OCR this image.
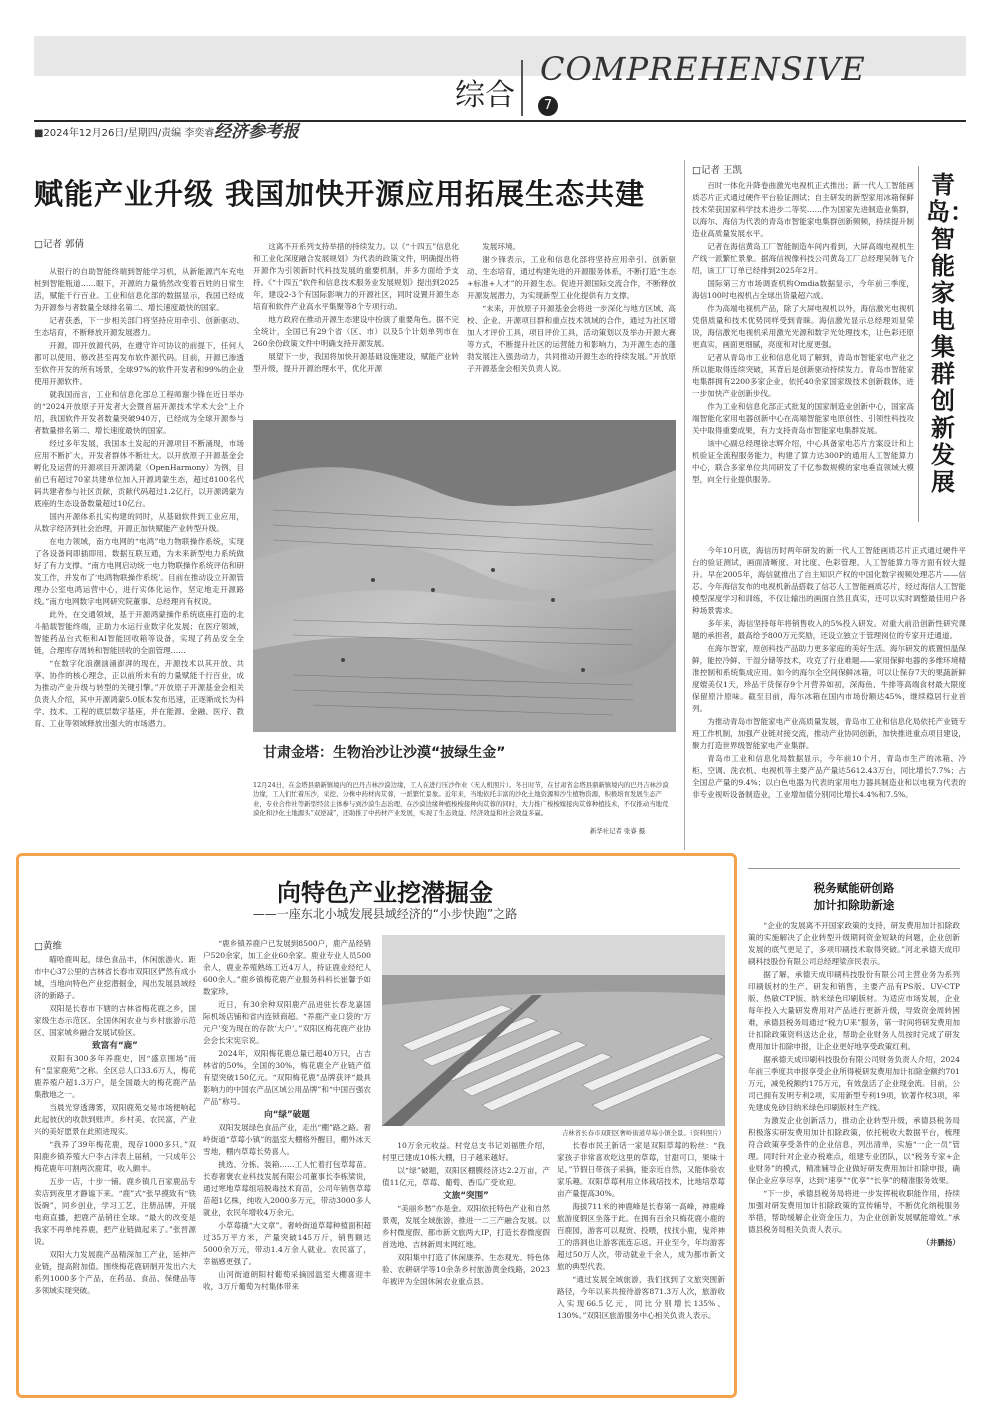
综合
COMPREHENSIVE
7
■2024年12月26日/星期四/责编 李奕睿 经济参考报
赋能产业升级 我国加快开源应用拓展生态共建
□记者 郭倩

从银行的自助智能终端到智能学习机，从新能源汽车充电桩到智能瓶道……眼下，开源的力量悄然改变着百姓的日常生活，赋能千行百业。工业和信息化部的数据显示，我国已经成为开源参与者数量全球排名第二、增长速度最快的国家。

记者获悉，下一步相关部门将坚持应用牵引、创新驱动、生态培育，不断释放开源发展潜力。

开源，即开放源代码，在遵守许可协议的前提下，任何人都可以使用、修改甚至再发布软件源代码。目前，开源已渗透至软件开发的所有场景，全球97%的软件开发者和99%的企业使用开源软件。

就我国而言，工业和信息化部总工程师谢少锋在近日举办的“2024开放原子开发者大会暨首届开源技术学术大会”上介绍，我国软件开发者数量突破940万，已经成为全球开源参与者数量排名第二、增长速度最快的国家。

经过多年发展，我国本土发起的开源项目不断涌现，市场应用不断扩大，开发者群体不断壮大。以开放原子开源基金会孵化及运营的开源项目开源鸿蒙（OpenHarmony）为例，目前已有超过70家共建单位加入开源鸿蒙生态，超过8100名代码共建者参与社区贡献，贡献代码超过1.2亿行，以开源鸿蒙为底座的生态设备数量超过10亿台。

国内开源体系扎实构建的同时，从基础软件到工业应用，从数字经济到社会治理，开源正加快赋能产业转型升级。

在电力领域，南方电网的“电鸿”电力物联操作系统，实现了各设备间即插即用、数据互联互通，为未来新型电力系统做好了有力支撑。“南方电网启动统一电力物联操作系统评估和研发工作，并发布了‘电鸿物联操作系统’。目前在推动设立开源管理办公室电鸿运营中心，进行实体化运作，坚定地走开源路线。”南方电网数字电网研究院董事、总经理肖有权说。

此外，在交通领域，基于开源鸿蒙操作系统底座打造的北斗船载智能终端，正助力水运行业数字化发展；在医疗领域，智能药品台式柜和AI智能回收箱等设备，实现了药品安全全链，合理库存周转和智能回收的全面管理……

“在数字化浪潮汹涌澎湃的现在，开源技术以其开放、共享、协作的核心理念，正以前所未有的力量赋能千行百业，成为推动产业升级与转型的关键引擎。”开放原子开源基金会相关负责人介绍，其中开源鸿蒙5.0版本发布迅速，正逐渐成长为科学、技术、工程的底层数字基座，并在能源、金融、医疗、教育、工业等领域释放出强大的市场潜力。

这离不开系列支持举措的持续发力。以《“十四五”信息化和工业化深度融合发展规划》为代表的政策文件，明确提出将开源作为引领新时代科技发展的重要机制，并多方面给予支持。《“十四五”软件和信息技术服务业发展规划》提出到2025年，建设2-3个有国际影响力的开源社区，同时设置开源生态培育和软件产业高水平集聚等8个专项行动。

地方政府在推动开源生态建设中扮演了重要角色。据不完全统计，全国已有29个省（区、市）以及5个计划单列市在260余份政策文件中明确支持开源发展。

展望下一步，我国将加快开源基础设施建设，赋能产业转型升级，提升开源治理水平，优化开源

发展环境。

谢少锋表示，工业和信息化部将坚持应用牵引、创新驱动、生态培育，通过构建先进的开源服务体系，不断打造“生态+标准+人才”的开源生态。促进开源国际交流合作，不断释放开源发展潜力，为实现新型工业化提供有力支撑。

“未来，开放原子开源基金会将进一步深化与地方区域、高校、企业、开源项目群和重点技术领域的合作，通过为社区增加人才评价工具，项目评价工具，活动策划以及举办开源大赛等方式，不断提升社区的运营能力和影响力，为开源生态的蓬勃发展注入强劲动力，共同推动开源生态的持续发展。”开放原子开源基金会相关负责人说。

甘肃金塔：生物治沙让沙漠“披绿生金”
12月24日，在金塔县鼎新镇境内的巴丹吉林沙漠边缘，工人在进行压沙作业（无人机照片）。冬日时节，在甘肃省金塔县鼎新镇境内的巴丹吉林沙漠边缘，工人们忙着压沙，采挖、分株中药材肉苁蓉，一派繁忙景象。近年来，当地依托丰富的沙化土地资源和沙生植物资源，积极培育发展生态产业，专业合作社等新型经营主体参与到沙漠生态治理、在沙漠边缘种植梭梭接种肉苁蓉的同时，大力推广梭梭嫁接肉苁蓉种植技术，不仅推动当地荒漠化和沙化土地源头“双逆减”，还助推了中药材产业发展，实现了生态效益、经济效益和社会效益多赢。
新华社记者 张睿 摄
□记者 王凯
青岛：智能家电集群创新发展

百时一体化升降卷曲激光电视机正式推出；新一代人工智能画质芯片正式通过硬件平台验证测试；自主研发的新型家用冰箱保鲜技术荣获国家科学技术进步二等奖……作为国家先进制造业集群，以海尔、海信为代表的青岛市智能家电集群创新频频，持续提升制造业高质量发展水平。

记者在海信黄岛工厂智能制造车间内看到，大屏高端电视机生产线一派繁忙景象。据海信视像科技公司黄岛工厂总经理吴韩飞介绍，该工厂订单已经排到2025年2月。

国际第三方市场调查机构Omdia数据显示，今年前三季度，海信100吋电视机占全球出货量超六成。

作为高端电视机产品，除了大屏电视机以外，海信激光电视机凭借质量和技术优势同样受到青睐。海信激光显示总经理刘显荣说，海信激光电视机采用激光光源和数字光处理技术，让色彩还原更真实，画面更细腻，亮度和对比度更强。

记者从青岛市工业和信息化局了解到，青岛市智能家电产业之所以能取得连续突破，其背后是创新驱动持续发力。青岛市智能家电集群拥有2200多家企业，依托40余家国家级技术创新载体，进一步加快产业创新步伐。

作为工业和信息化部正式批复的国家制造业创新中心，国家高端智能化家用电器创新中心在高端智能家电原创性、引领性科技攻关中取得重要成果，有力支持青岛市智能家电集群发展。

该中心副总经理徐志辉介绍，中心具备家电芯片方案设计和上机验证全流程服务能力，构建了算力达300P的通用人工智能算力中心，联合多家单位共同研发了千亿参数规模的家电垂直领域大模型，向全行业提供服务。

今年10月底，海信历时两年研发的新一代人工智能画质芯片正式通过硬件平台的验证测试，画面清晰度、对比度、色彩管理、人工智能算力等方面有较大提升。早在2005年，海信就推出了自主知识产权的中国化数字视频处理芯片——信芯。今年海信发布的电视机新品搭载了信芯人工智能画质芯片，经过海信人工智能模型深度学习和训练，不仅让输出的画面自然且真实，还可以实时调整最佳用户各种场景需求。

多年来，海信坚持每年将销售收入的5%投入研发。对重大前沿创新性研究课题的承担者，最高给予800万元奖励，还设立独立于管理岗位的专家开迁通道。

在海尔智家，原创科技产品助力更多家庭的美好生活。海尔研发的底置恒温保鲜，能控冷鲜、干湿分储等技术，攻克了行业难题——家用保鲜电器的多维环境精准控制和系统集成应用。如今的海尔全空间保鲜冰箱，可以让保存7天的果蔬新鲜度媲美仅1天，珍品干货保存9个月营养如初，深海鱼、牛排等高端食材最大限度保留原汁原味。截至目前，海尔冰箱在国内市场份额达45%，继续稳居行业首列。

为推动青岛市智能家电产业高质量发展，青岛市工业和信息化局依托产业链专班工作机制，加强产业链对接交流，推动产业协同创新，加快推进重点项目建设，聚力打造世界级智能家电产业集群。

青岛市工业和信息化局数据显示，今年前10个月，青岛市生产的冰箱、冷柜、空调、洗衣机、电视机等主要产品产量达5612.43万台，同比增长7.7%；占全国总产量的9.4%；以白色电器为代表的家用电力器具制造业和以电视为代表的非专业视听设备制造业，工业增加值分别同比增长4.4%和7.5%。

向特色产业挖潜掘金
——一座东北小城发展县域经济的“小步快跑”之路
□黄维

瞄哈鹿叫起，绿色食品丰，休闲旅游火。距市中心37公里的吉林省长春市双阳区俨然有成小城，当地向特色产业挖潜掘金，闯出发展县域经济的新路子。

双阳是长春市下辖的吉林省梅花鹿之乡，国家级生态示范区、全国休闲农业与乡村旅游示范区、国家城乡融合发展试验区。

致富有“鹿”

双阳有300多年养鹿史，因“盛京围场”而有“皇家鹿苑”之称。全区总人口33.6万人，梅花鹿养殖户超1.3万户，是全国最大的梅花鹿产品集散地之一。

当晨光穿透薄雾，双阳鹿苑交易市场便响起此起彼伏的收款到账声。乡村美、农民富，产业兴的美好愿景在此照进现实。

“我养了39年梅花鹿，现存1000多只。”双阳鹿乡镇养殖大户李占洋表上届稍，一只成年公梅花鹿年可割两次鹿茸，收入颇丰。

五步一店，十步一铺。鹿乡镇几百家鹿品专卖店到夜里才静谧下来。“鹿”式“张早摸致有“铁饭碗”，同乡创业，学习工艺，注册品牌，开展电商直播，把鹿产品销往全球。“最大的改变是我家不再单纯养鹿，把产业链做起来了。”张晋源说。

双阳大力发展鹿产品精深加工产业，延伸产业链，提高附加值。围绕梅花鹿研制开发出六大系列1000多个产品，在药品、食品、保健品等多领域实现突破。

“鹿乡镇养鹿户已发展到8500户，鹿产品经销户520余家，加工企业60余家。鹿业专业人员500余人，鹿业养殖熟练工近4万人，持证鹿业经纪人600余人。”鹿乡镇梅花鹿产业服务科科长崔馨予如数家珍。

近日，有30余种双阳鹿产品进驻长春龙嘉国际机场店铺和省内连锁商超。“养鹿产业口袋的‘万元户’变为现在的存款‘大户’。”双阳区梅花鹿产业协会会长宋宪宗说。

2024年，双阳梅花鹿总量已超40万只，占吉林省的50%，全国的30%，梅花鹿全产业链产值有望突破150亿元。“双阳梅花鹿”品牌获评“最具影响力的中国农产品区域公用品牌”和“中国百强农产品”称号。

向“绿”破题

双阳发展绿色食品产业，走出“棚”路之路。奢岭街道“草莓小镇”的温室大棚格外醒目，棚外冰天雪地，棚内草莓长势喜人。

挑选、分拣、装箱……工人忙着打包草莓苗。长春奢褒农业科技发展有限公司董事长李栋梁说，通过寒地草莓组培脱毒技术育苗，公司年销售草莓苗超1亿株，纯收入2000多万元，带动3000多人就业，农民年增收4万余元。

小草莓撬“大文章”。奢岭街道草莓种植面积超过35万平方米，产量突破145万斤，销售额达5000余万元，带动1.4万余人就业。农民富了，幸福感更强了。

山河街道朗阳村葡萄采摘园温室大棚喜迎丰收，3万斤葡萄为村集体带来

吉林省长春市双阳区奢岭街道草莓小镇全景。（资料照片）

10万余元收益。村党总支书记刘福胜介绍，村里已建成10栋大棚，日子越来越好。

以“绿”破题，双阳区棚膜经济达2.2万亩，产值11亿元，草莓、葡萄、香瓜广受欢迎。

文旅“突围”

“美丽乡愁”亦是金。双阳依托特色产业和自然景观，发展全域旅游，推进一二三产融合发展。以乡村微度假、都市新文旅两大IP，打造长春微度假首选地、吉林新周末网红地。

双阳集中打造了休闲康养、生态观光、特色体验、农耕研学等10余条乡村旅游黄金线路，2023年被评为全国休闲农业重点县。

长春市民王新话一家是双阳草莓的粉丝：“我家孩子非常喜欢吃这里的草莓，甘甜可口，果味十足。”节假日带孩子采摘，能亲近自然，又能体验农家乐趣。双阳草莓利用立体栽培技术，比地培草莓亩产量提高30%。

海拔711米的神鹿峰是长春第一高峰，神鹿峰旅游度假区坐落于此。在拥有百余只梅花鹿小鹿的百鹿园，游客可以观赏、投喂，找找小鹿，鬼斧神工的溶洞也让游客流连忘返。开业至今，年均游客超过50万人次，带动就业千余人，成为都市新文旅的典型代表。

“通过发展全域旅游，我们找到了文旅突围新路径，今年以来共接待游客871.3万人次，旅游收入实现66.5亿元，同比分别增长135%、130%。”双阳区旅游服务中心相关负责人表示。

税务赋能研创路
加计扣除助新途

“企业的发展离不开国家政策的支持，研发费用加计扣除政策的实施解决了企业转型升级期间资金短缺的问题，企业创新发展的底气更足了，多项印刷技术取得突破。”河北承德天成印刷科技股份有限公司总经理梁彦民表示。

据了解，承德天成印刷科技股份有限公司主营业务为系列印刷版材的生产、研发和销售，主要产品有PS版、UV-CTP版、热敏CTP版、纳米绿色印刷版材。为适应市场发展，企业每年投入大量研发费用对产品进行更新升级，导致资金周转困难，承德县税务局通过“税力U来”服务，第一时间将研发费用加计扣除政策资料送达企业，帮助企业财务人员按时完成了研发费用加计扣除申报，让企业更好地享受政策红利。

据承德天成印刷科技股份有限公司财务负责人介绍，2024年前三季度共申报享受企业所得税研发费用加计扣除金额约701万元，减免税额约175万元，有效盘活了企业现金流。目前，公司已拥有发明专利2项，实用新型专利19项，软著作权3项，率先建成免砂目纳米绿色印刷版材生产线。

为激发企业创新活力，推动企业转型升级，承德县税务局积极落实研发费用加计扣除政策，依托税收大数据平台，梳理符合政策享受条件的企业信息，列出清单，实施“一企一员”管理。同时针对企业办税难点，组建专业团队，以“税务专家+企业财务”的模式，精准辅导企业做好研发费用加计扣除申报，确保企业应享尽享，达到“速享”“优享”“长享”的精准服务效果。

“下一步，承德县税务局将进一步发挥税收职能作用，持续加强对研发费用加计扣除政策的宣传辅导，不断优化纳税服务举措，帮助缓解企业资金压力，为企业创新发展赋能增效。”承德县税务局相关负责人表示。

（井鹏扬）
